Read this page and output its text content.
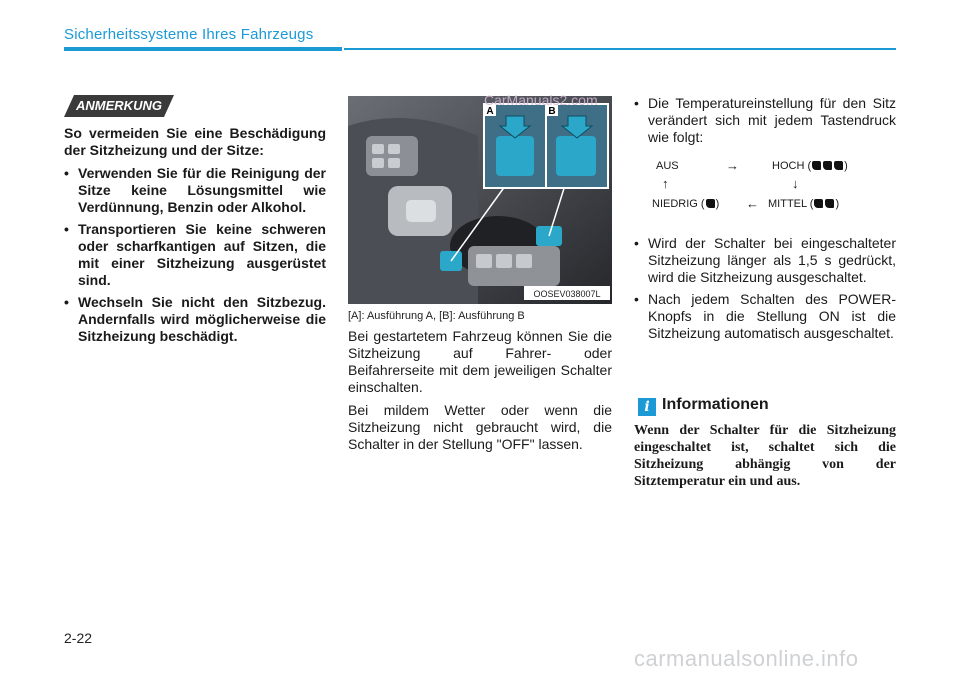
Sicherheitssysteme Ihres Fahrzeugs
ANMERKUNG

So vermeiden Sie eine Beschädigung der Sitzheizung und der Sitze:

• Verwenden Sie für die Reinigung der Sitze keine Lösungsmittel wie Verdünnung, Benzin oder Alkohol.
• Transportieren Sie keine schweren oder scharfkantigen auf Sitzen, die mit einer Sitzheizung ausgerüstet sind.
• Wechseln Sie nicht den Sitzbezug. Andernfalls wird möglicherweise die Sitzheizung beschädigt.
A	B
OOSEV038007L
[A]: Ausführung A, [B]: Ausführung B

Bei gestartetem Fahrzeug können Sie die Sitzheizung auf Fahrer- oder Beifahrerseite mit dem jeweiligen Schalter einschalten.

Bei mildem Wetter oder wenn die Sitzheizung nicht gebraucht wird, die Schalter in der Stellung "OFF" lassen.

• Die Temperatureinstellung für den Sitz verändert sich mit jedem Tastendruck wie folgt:
AUS	→	HOCH (	)
↑	↓
NIEDRIG ( ) ← MITTEL ( )
• Wird der Schalter bei eingeschalteter Sitzheizung länger als 1,5 s gedrückt, wird die Sitzheizung ausgeschaltet.
• Nach jedem Schalten des POWER-Knopfs in die Stellung ON ist die Sitzheizung automatisch ausgeschaltet.
i Informationen
Wenn der Schalter für die Sitzheizung eingeschaltet ist, schaltet sich die Sitzheizung abhängig von der Sitztemperatur ein und aus.
2-22
CarManuals2.com
carmanualsonline.info
